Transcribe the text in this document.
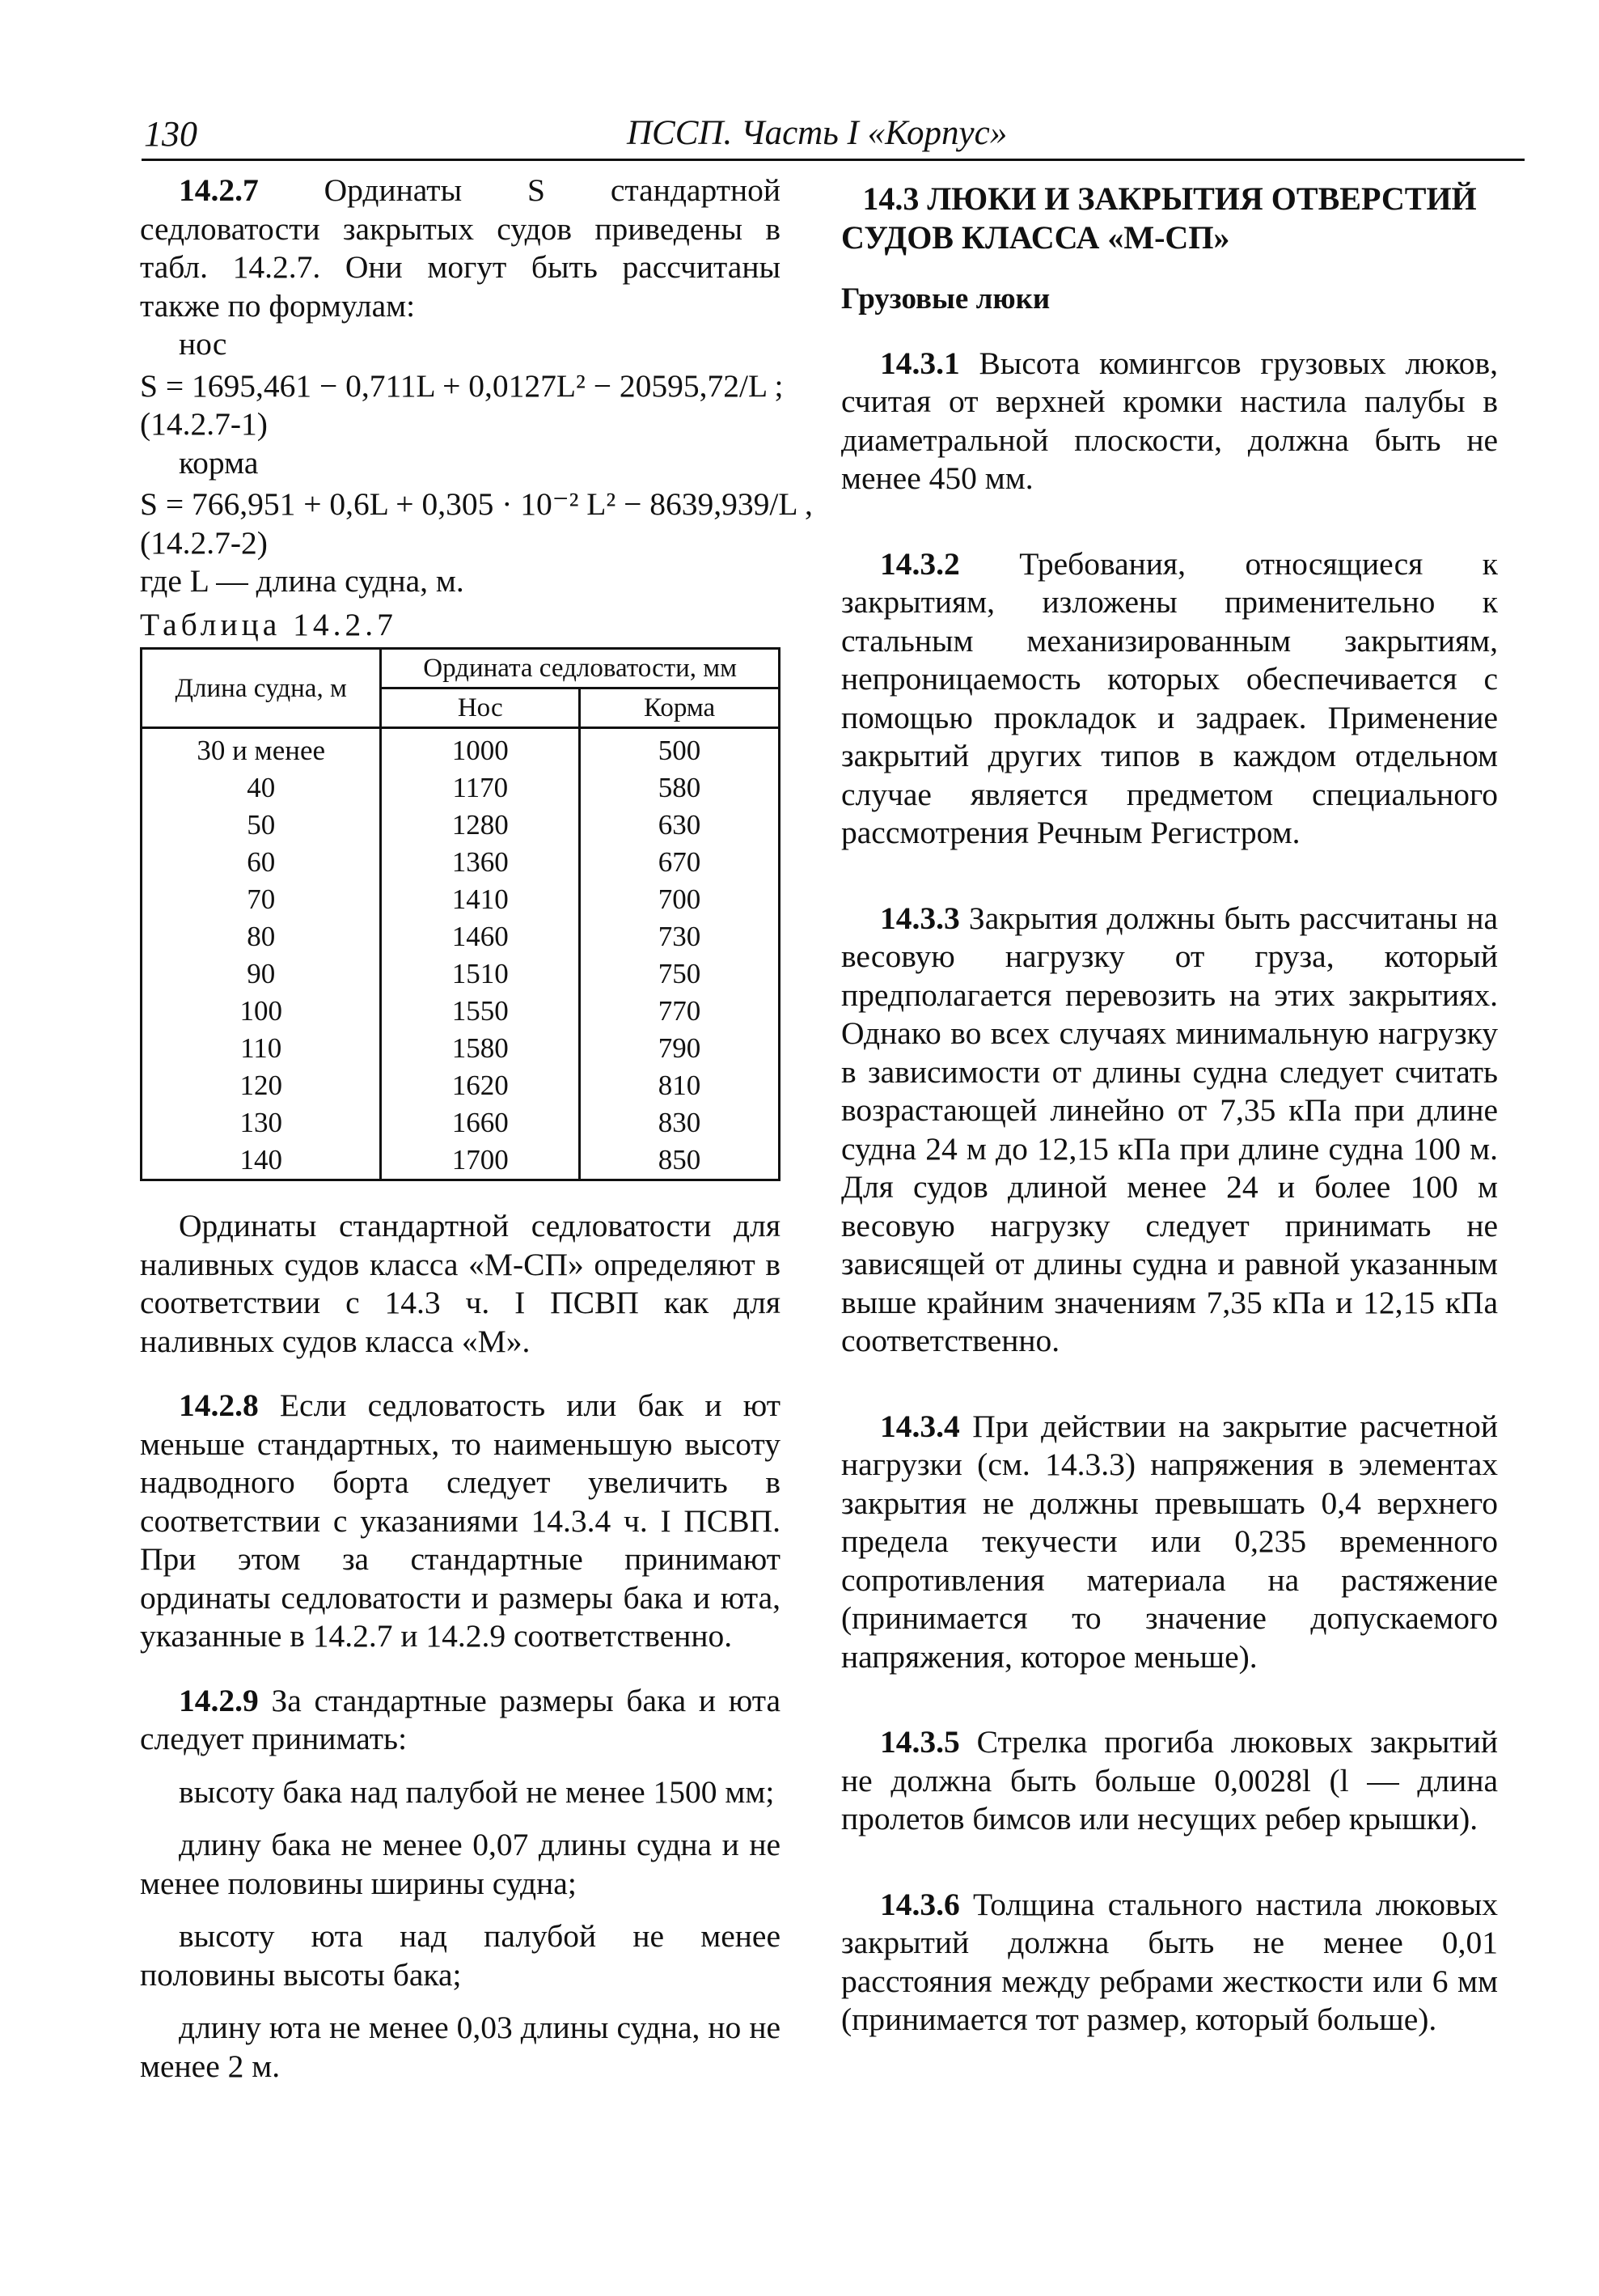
130	ПССП. Часть I «Корпус»

14.2.7 Ординаты S стандартной седловатости закрытых судов приведены в табл. 14.2.7. Они могут быть рассчитаны также по формулам:

нос

S = 1695,461 − 0,711L + 0,0127L² − 20595,72/L ;

(14.2.7-1)

корма

S = 766,951 + 0,6L + 0,305 · 10⁻² L² − 8639,939/L ,

(14.2.7-2)

где L — длина судна, м.

Таблица 14.2.7

Длина судна, м	Ордината седловатости, мм	
	Нос	Корма
30 и менее	1000	500
40	1170	580
50	1280	630
60	1360	670
70	1410	700
80	1460	730
90	1510	750
100	1550	770
110	1580	790
120	1620	810
130	1660	830
140	1700	850

Ординаты стандартной седловатости для наливных судов класса «М-СП» определяют в соответствии с 14.3 ч. I ПСВП как для наливных судов класса «М».

14.2.8 Если седловатость или бак и ют меньше стандартных, то наименьшую высоту надводного борта следует увеличить в соответствии с указаниями 14.3.4 ч. I ПСВП. При этом за стандартные принимают ординаты седловатости и размеры бака и юта, указанные в 14.2.7 и 14.2.9 соответственно.

14.2.9 За стандартные размеры бака и юта следует принимать:

высоту бака над палубой не менее 1500 мм;

длину бака не менее 0,07 длины судна и не менее половины ширины судна;

высоту юта над палубой не менее половины высоты бака;

длину юта не менее 0,03 длины судна, но не менее 2 м.

14.3 ЛЮКИ И ЗАКРЫТИЯ ОТВЕРСТИЙ СУДОВ КЛАССА «М-СП»

Грузовые люки

14.3.1 Высота комингсов грузовых люков, считая от верхней кромки настила палубы в диаметральной плоскости, должна быть не менее 450 мм.

14.3.2 Требования, относящиеся к закрытиям, изложены применительно к стальным механизированным закрытиям, непроницаемость которых обеспечивается с помощью прокладок и задраек. Применение закрытий других типов в каждом отдельном случае является предметом специального рассмотрения Речным Регистром.

14.3.3 Закрытия должны быть рассчитаны на весовую нагрузку от груза, который предполагается перевозить на этих закрытиях. Однако во всех случаях минимальную нагрузку в зависимости от длины судна следует считать возрастающей линейно от 7,35 кПа при длине судна 24 м до 12,15 кПа при длине судна 100 м. Для судов длиной менее 24 и более 100 м весовую нагрузку следует принимать не зависящей от длины судна и равной указанным выше крайним значениям 7,35 кПа и 12,15 кПа соответственно.

14.3.4 При действии на закрытие расчетной нагрузки (см. 14.3.3) напряжения в элементах закрытия не должны превышать 0,4 верхнего предела текучести или 0,235 временного сопротивления материала на растяжение (принимается то значение допускаемого напряжения, которое меньше).

14.3.5 Стрелка прогиба люковых закрытий не должна быть больше 0,0028l (l — длина пролетов бимсов или несущих ребер крышки).

14.3.6 Толщина стального настила люковых закрытий должна быть не менее 0,01 расстояния между ребрами жесткости или 6 мм (принимается тот размер, который больше).
